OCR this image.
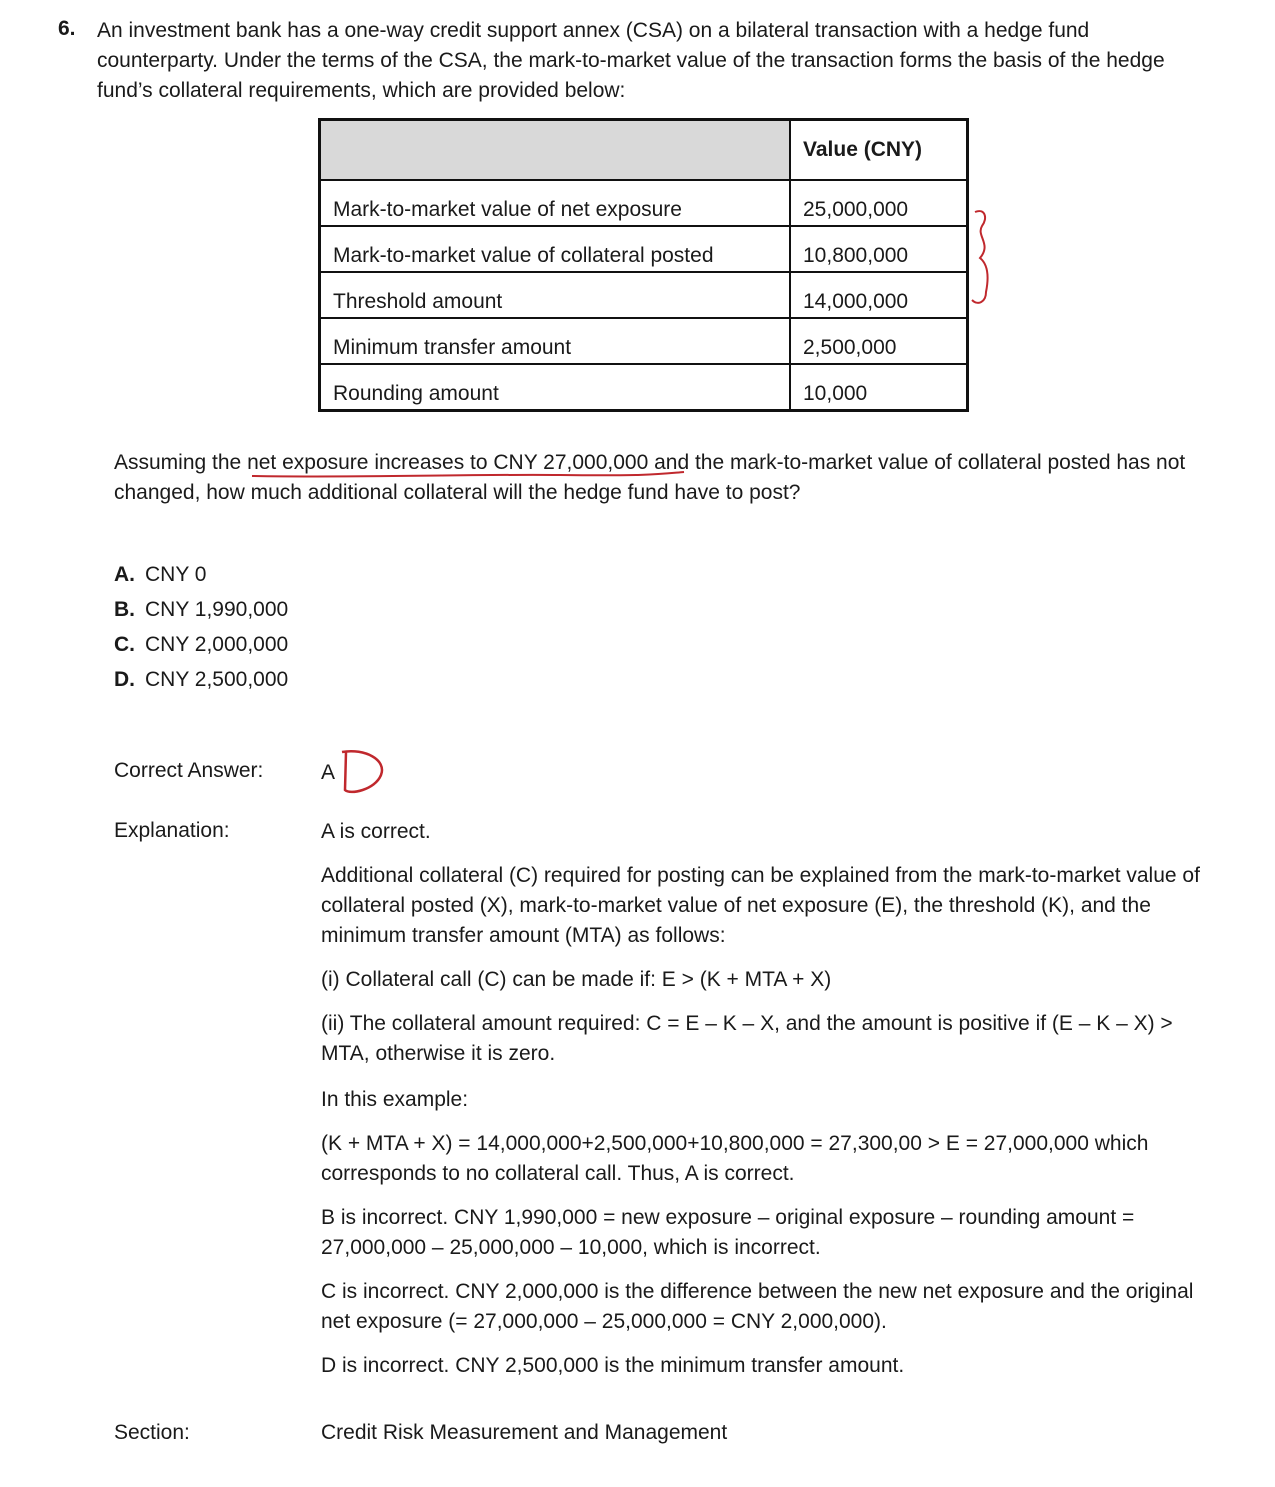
6. An investment bank has a one-way credit support annex (CSA) on a bilateral transaction with a hedge fund counterparty. Under the terms of the CSA, the mark-to-market value of the transaction forms the basis of the hedge fund’s collateral requirements, which are provided below:
	Value (CNY)
Mark-to-market value of net exposure	25,000,000
Mark-to-market value of collateral posted	10,800,000
Threshold amount	14,000,000
Minimum transfer amount	2,500,000
Rounding amount	10,000
Assuming the net exposure increases to CNY 27,000,000 and the mark-to-market value of collateral posted has not changed, how much additional collateral will the hedge fund have to post?
A. CNY 0
B. CNY 1,990,000
C. CNY 2,000,000
D. CNY 2,500,000
Correct Answer:	A
Explanation:	A is correct.

Additional collateral (C) required for posting can be explained from the mark-to-market value of collateral posted (X), mark-to-market value of net exposure (E), the threshold (K), and the minimum transfer amount (MTA) as follows:

(i) Collateral call (C) can be made if: E > (K + MTA + X)

(ii) The collateral amount required: C = E – K – X, and the amount is positive if (E – K – X) > MTA, otherwise it is zero.

In this example:

(K + MTA + X) = 14,000,000+2,500,000+10,800,000 = 27,300,00 > E = 27,000,000 which corresponds to no collateral call. Thus, A is correct.

B is incorrect. CNY 1,990,000 = new exposure – original exposure – rounding amount = 27,000,000 – 25,000,000 – 10,000, which is incorrect.

C is incorrect. CNY 2,000,000 is the difference between the new net exposure and the original net exposure (= 27,000,000 – 25,000,000 = CNY 2,000,000).

D is incorrect. CNY 2,500,000 is the minimum transfer amount.

Section:	Credit Risk Measurement and Management
